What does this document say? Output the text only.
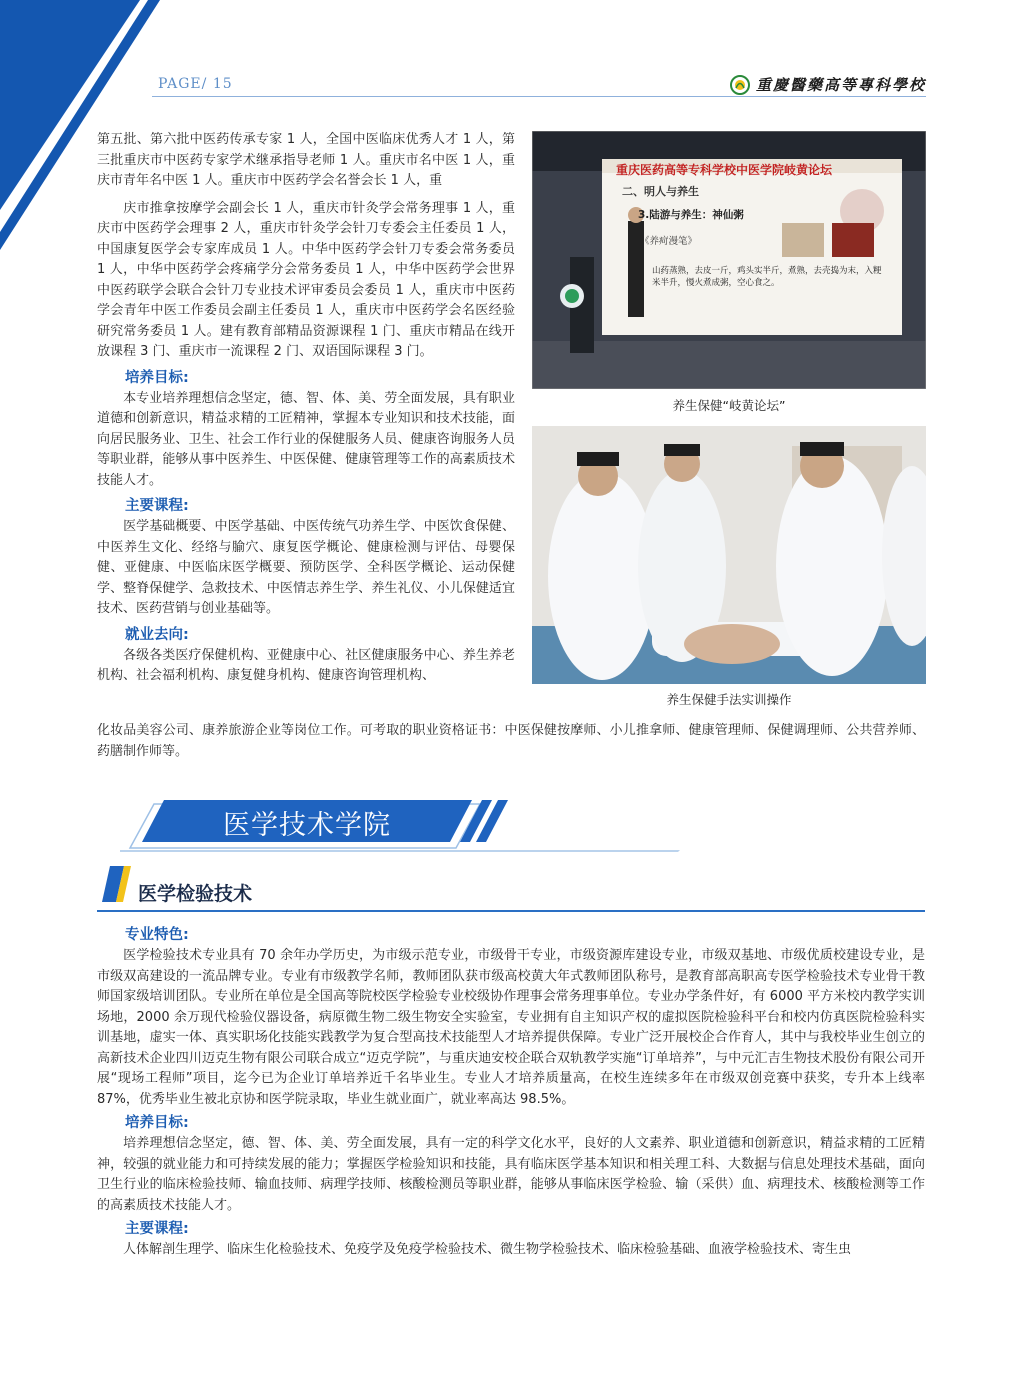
PAGE/ 15	重慶醫藥高等專科學校
第五批、第六批中医药传承专家 1 人，全国中医临床优秀人才 1 人，第三批重庆市中医药专家学术继承指导老师 1 人。重庆市名中医 1 人，重庆市青年名中医 1 人。重庆市中医药学会名誉会长 1 人，重
庆市推拿按摩学会副会长 1 人，重庆市针灸学会常务理事 1 人，重庆市中医药学会理事 2 人，重庆市针灸学会针刀专委会主任委员 1 人，中国康复医学会专家库成员 1 人。中华中医药学会针刀专委会常务委员 1 人，中华中医药学会疼痛学分会常务委员 1 人，中华中医药学会世界中医药联学会联合会针刀专业技术评审委员会委员 1 人，重庆市中医药学会青年中医工作委员会副主任委员 1 人，重庆市中医药学会名医经验研究常务委员 1 人。建有教育部精品资源课程 1 门、重庆市精品在线开放课程 3 门、重庆市一流课程 2 门、双语国际课程 3 门。
培养目标:
本专业培养理想信念坚定，德、智、体、美、劳全面发展，具有职业道德和创新意识，精益求精的工匠精神，掌握本专业知识和技术技能，面向居民服务业、卫生、社会工作行业的保健服务人员、健康咨询服务人员等职业群，能够从事中医养生、中医保健、健康管理等工作的高素质技术技能人才。
主要课程:
医学基础概要、中医学基础、中医传统气功养生学、中医饮食保健、中医养生文化、经络与腧穴、康复医学概论、健康检测与评估、母婴保健、亚健康、中医临床医学概要、预防医学、全科医学概论、运动保健学、整脊保健学、急救技术、中医情志养生学、养生礼仪、小儿保健适宜技术、医药营销与创业基础等。
就业去向:
各级各类医疗保健机构、亚健康中心、社区健康服务中心、养生养老机构、社会福利机构、康复健身机构、健康咨询管理机构、
重庆医药高等专科学校中医学院岐黄论坛
二、明人与养生
3.陆游与养生：神仙粥
《养疴漫笔》
山药蒸熟，去皮一斤，鸡头实半斤，煮熟，去壳捣为末，入粳米半升，慢火煮成粥，空心食之。
养生保健“岐黄论坛”
养生保健手法实训操作
化妆品美容公司、康养旅游企业等岗位工作。可考取的职业资格证书：中医保健按摩师、小儿推拿师、健康管理师、保健调理师、公共营养师、药膳制作师等。
医学技术学院
医学检验技术
专业特色:
医学检验技术专业具有 70 余年办学历史，为市级示范专业，市级骨干专业，市级资源库建设专业，市级双基地、市级优质校建设专业，是市级双高建设的一流品牌专业。专业有市级教学名师，教师团队获市级高校黄大年式教师团队称号，是教育部高职高专医学检验技术专业骨干教师国家级培训团队。专业所在单位是全国高等院校医学检验专业校级协作理事会常务理事单位。专业办学条件好，有 6000 平方米校内教学实训场地，2000 余万现代检验仪器设备，病原微生物二级生物安全实验室，专业拥有自主知识产权的虚拟医院检验科平台和校内仿真医院检验科实训基地，虚实一体、真实职场化技能实践教学为复合型高技术技能型人才培养提供保障。专业广泛开展校企合作育人，其中与我校毕业生创立的高新技术企业四川迈克生物有限公司联合成立“迈克学院”，与重庆迪安校企联合双轨教学实施“订单培养”，与中元汇吉生物技术股份有限公司开展“现场工程师”项目，迄今已为企业订单培养近千名毕业生。专业人才培养质量高，在校生连续多年在市级双创竞赛中获奖，专升本上线率 87%，优秀毕业生被北京协和医学院录取，毕业生就业面广，就业率高达 98.5%。
培养目标:
培养理想信念坚定，德、智、体、美、劳全面发展，具有一定的科学文化水平，良好的人文素养、职业道德和创新意识，精益求精的工匠精神，较强的就业能力和可持续发展的能力；掌握医学检验知识和技能，具有临床医学基本知识和相关理工科、大数据与信息处理技术基础，面向卫生行业的临床检验技师、输血技师、病理学技师、核酸检测员等职业群，能够从事临床医学检验、输（采供）血、病理技术、核酸检测等工作的高素质技术技能人才。
主要课程:
人体解剖生理学、临床生化检验技术、免疫学及免疫学检验技术、微生物学检验技术、临床检验基础、血液学检验技术、寄生虫
